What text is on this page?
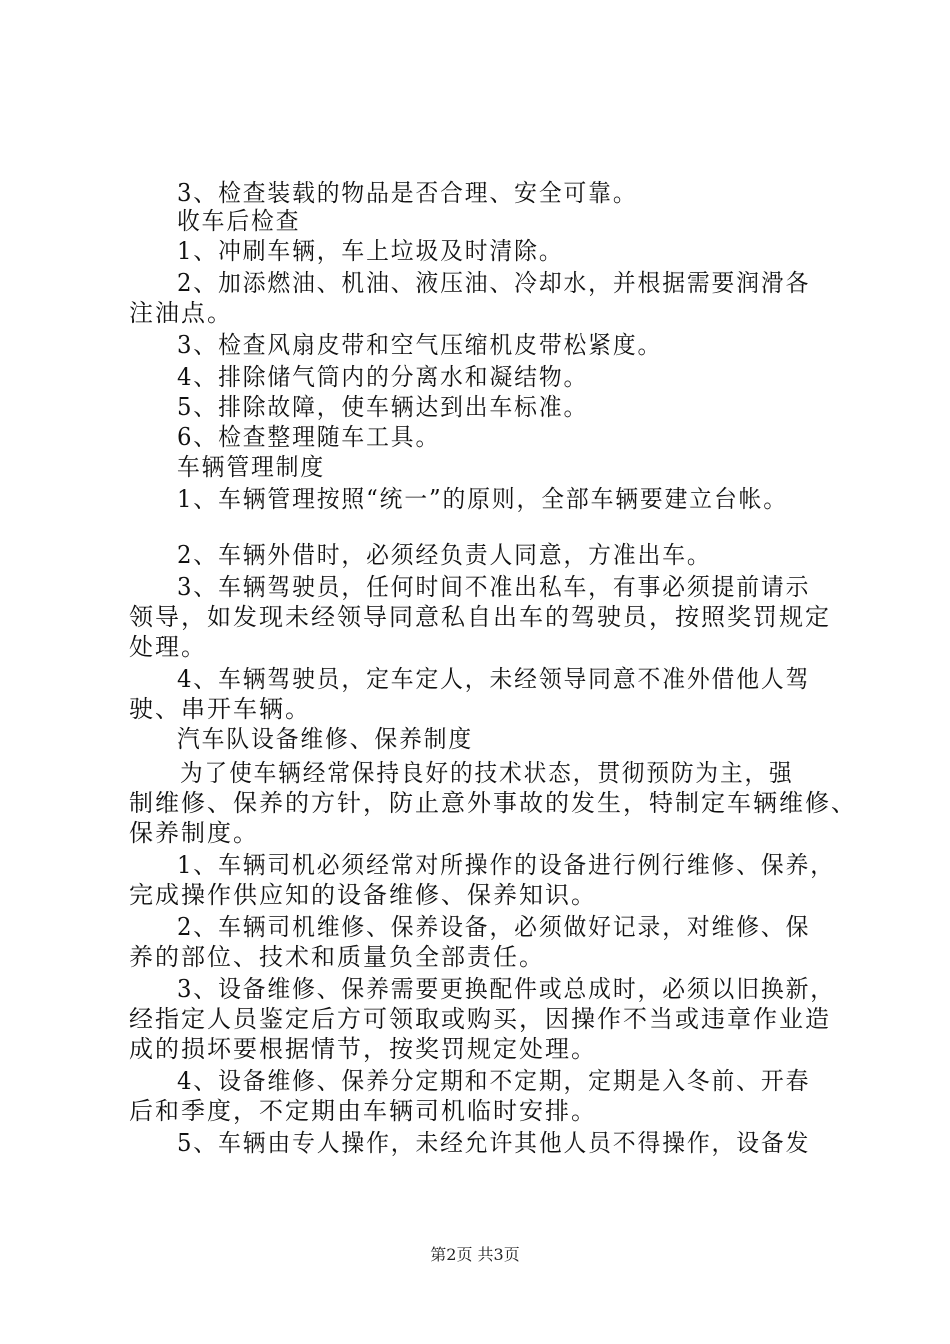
3、检查装载的物品是否合理、安全可靠。
收车后检查
1、冲刷车辆，车上垃圾及时清除。
2、加添燃油、机油、液压油、冷却水，并根据需要润滑各
注油点。
3、检查风扇皮带和空气压缩机皮带松紧度。
4、排除储气筒内的分离水和凝结物。
5、排除故障，使车辆达到出车标准。
6、检查整理随车工具。
车辆管理制度
1、车辆管理按照“统一”的原则，全部车辆要建立台帐。
2、车辆外借时，必须经负责人同意，方准出车。
3、车辆驾驶员，任何时间不准出私车，有事必须提前请示
领导，如发现未经领导同意私自出车的驾驶员，按照奖罚规定
处理。
4、车辆驾驶员，定车定人，未经领导同意不准外借他人驾
驶、串开车辆。
汽车队设备维修、保养制度
为了使车辆经常保持良好的技术状态，贯彻预防为主，强
制维修、保养的方针，防止意外事故的发生，特制定车辆维修、
保养制度。
1、车辆司机必须经常对所操作的设备进行例行维修、保养，
完成操作供应知的设备维修、保养知识。
2、车辆司机维修、保养设备，必须做好记录，对维修、保
养的部位、技术和质量负全部责任。
3、设备维修、保养需要更换配件或总成时，必须以旧换新，
经指定人员鉴定后方可领取或购买，因操作不当或违章作业造
成的损坏要根据情节，按奖罚规定处理。
4、设备维修、保养分定期和不定期，定期是入冬前、开春
后和季度，不定期由车辆司机临时安排。
5、车辆由专人操作，未经允许其他人员不得操作，设备发
第2页 共3页
